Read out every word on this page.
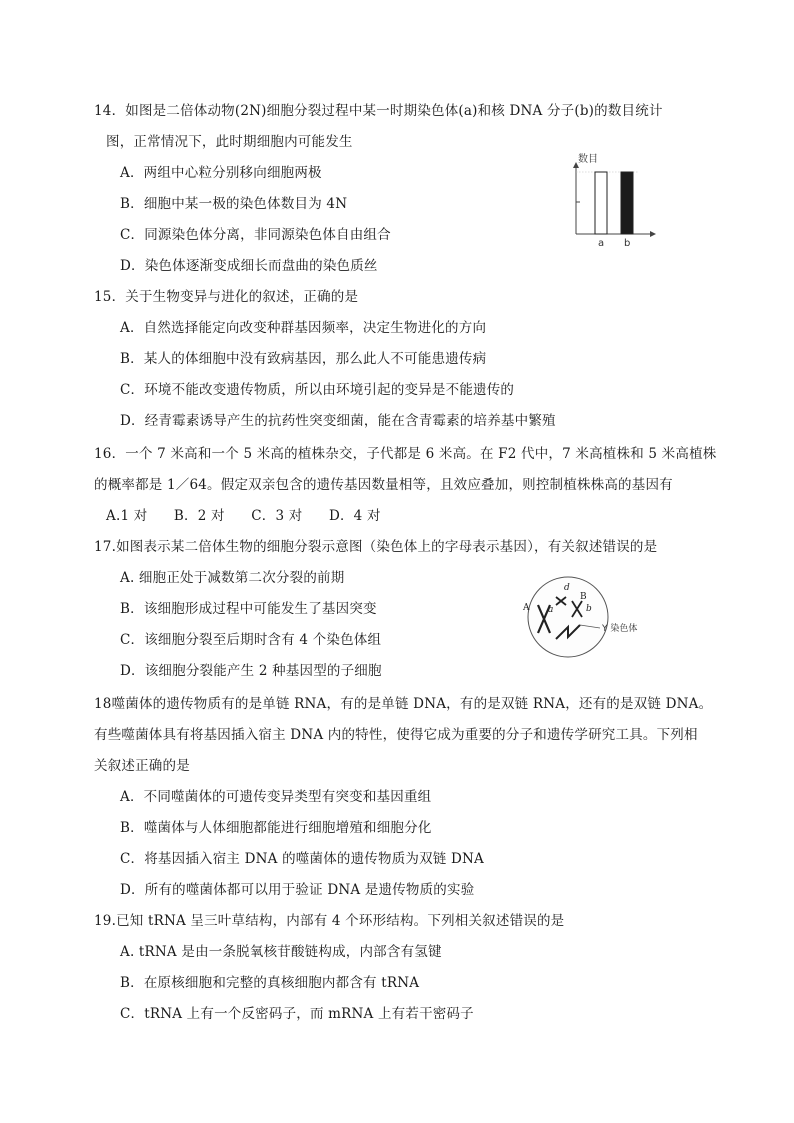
14．如图是二倍体动物(2N)细胞分裂过程中某一时期染色体(a)和核 DNA 分子(b)的数目统计
图，正常情况下，此时期细胞内可能发生
A．两组中心粒分别移向细胞两极
B．细胞中某一极的染色体数目为 4N
C．同源染色体分离，非同源染色体自由组合
D．染色体逐渐变成细长而盘曲的染色质丝
数目
a b
15．关于生物变异与进化的叙述，正确的是
A．自然选择能定向改变种群基因频率，决定生物进化的方向
B．某人的体细胞中没有致病基因，那么此人不可能患遗传病
C．环境不能改变遗传物质，所以由环境引起的变异是不能遗传的
D．经青霉素诱导产生的抗药性突变细菌，能在含青霉素的培养基中繁殖
16．一个 7 米高和一个 5 米高的植株杂交，子代都是 6 米高。在 F2 代中，7 米高植株和 5 米高植株
的概率都是 1／64。假定双亲包含的遗传基因数量相等，且效应叠加，则控制植株株高的基因有
A.1 对 B．2 对 C．3 对 D．4 对
17.如图表示某二倍体生物的细胞分裂示意图（染色体上的字母表示基因），有关叙述错误的是
A. 细胞正处于减数第二次分裂的前期
B．该细胞形成过程中可能发生了基因突变
C．该细胞分裂至后期时含有 4 个染色体组
D．该细胞分裂能产生 2 种基因型的子细胞
A a
d
B
b
Y 染色体
18噬菌体的遗传物质有的是单链 RNA，有的是单链 DNA，有的是双链 RNA，还有的是双链 DNA。
有些噬菌体具有将基因插入宿主 DNA 内的特性，使得它成为重要的分子和遗传学研究工具。下列相
关叙述正确的是
A．不同噬菌体的可遗传变异类型有突变和基因重组
B．噬菌体与人体细胞都能进行细胞增殖和细胞分化
C．将基因插入宿主 DNA 的噬菌体的遗传物质为双链 DNA
D．所有的噬菌体都可以用于验证 DNA 是遗传物质的实验
19.已知 tRNA 呈三叶草结构，内部有 4 个环形结构。下列相关叙述错误的是
A. tRNA 是由一条脱氧核苷酸链构成，内部含有氢键
B．在原核细胞和完整的真核细胞内都含有 tRNA
C．tRNA 上有一个反密码子，而 mRNA 上有若干密码子
